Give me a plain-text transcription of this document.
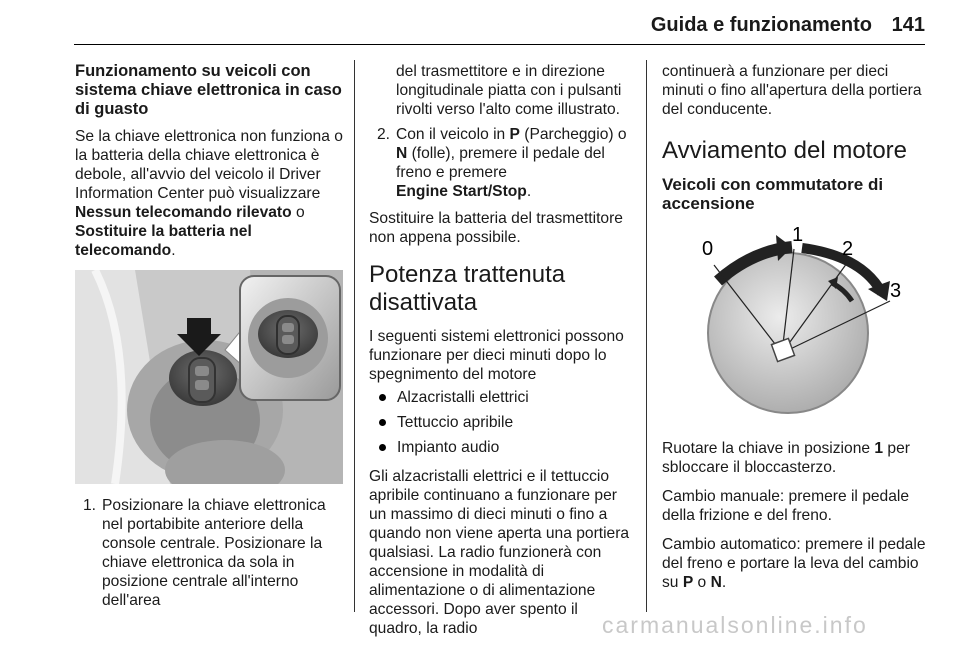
Guida e funzionamento 141
Funzionamento su veicoli con sistema chiave elettronica in caso di guasto

Se la chiave elettronica non funziona o la batteria della chiave elettronica è debole, all'avvio del veicolo il Driver Information Center può visualizzare Nessun telecomando rilevato o Sostituire la batteria nel telecomando.

1. Posizionare la chiave elettronica nel portabibite anteriore della console centrale. Posizionare la chiave elettronica da sola in posizione centrale all'interno dell'area

del trasmettitore e in direzione longitudinale piatta con i pulsanti rivolti verso l'alto come illustrato.

2. Con il veicolo in P (Parcheggio) o
N (folle), premere il pedale del freno e premere
Engine Start/Stop.

Sostituire la batteria del trasmettitore non appena possibile.

Potenza trattenuta disattivata

I seguenti sistemi elettronici possono funzionare per dieci minuti dopo lo spegnimento del motore

Alzacristalli elettrici
Tettuccio apribile
Impianto audio

Gli alzacristalli elettrici e il tettuccio apribile continuano a funzionare per un massimo di dieci minuti o fino a quando non viene aperta una portiera qualsiasi. La radio funzionerà con accensione in modalità di alimentazione o di alimentazione accessori. Dopo aver spento il quadro, la radio

continuerà a funzionare per dieci minuti o fino all'apertura della portiera del conducente.

Avviamento del motore
Veicoli con commutatore di accensione
0
1
2
3

Ruotare la chiave in posizione 1 per sbloccare il bloccasterzo.

Cambio manuale: premere il pedale della frizione e del freno.

Cambio automatico: premere il pedale del freno e portare la leva del cambio su P o N.

carmanualsonline.info
